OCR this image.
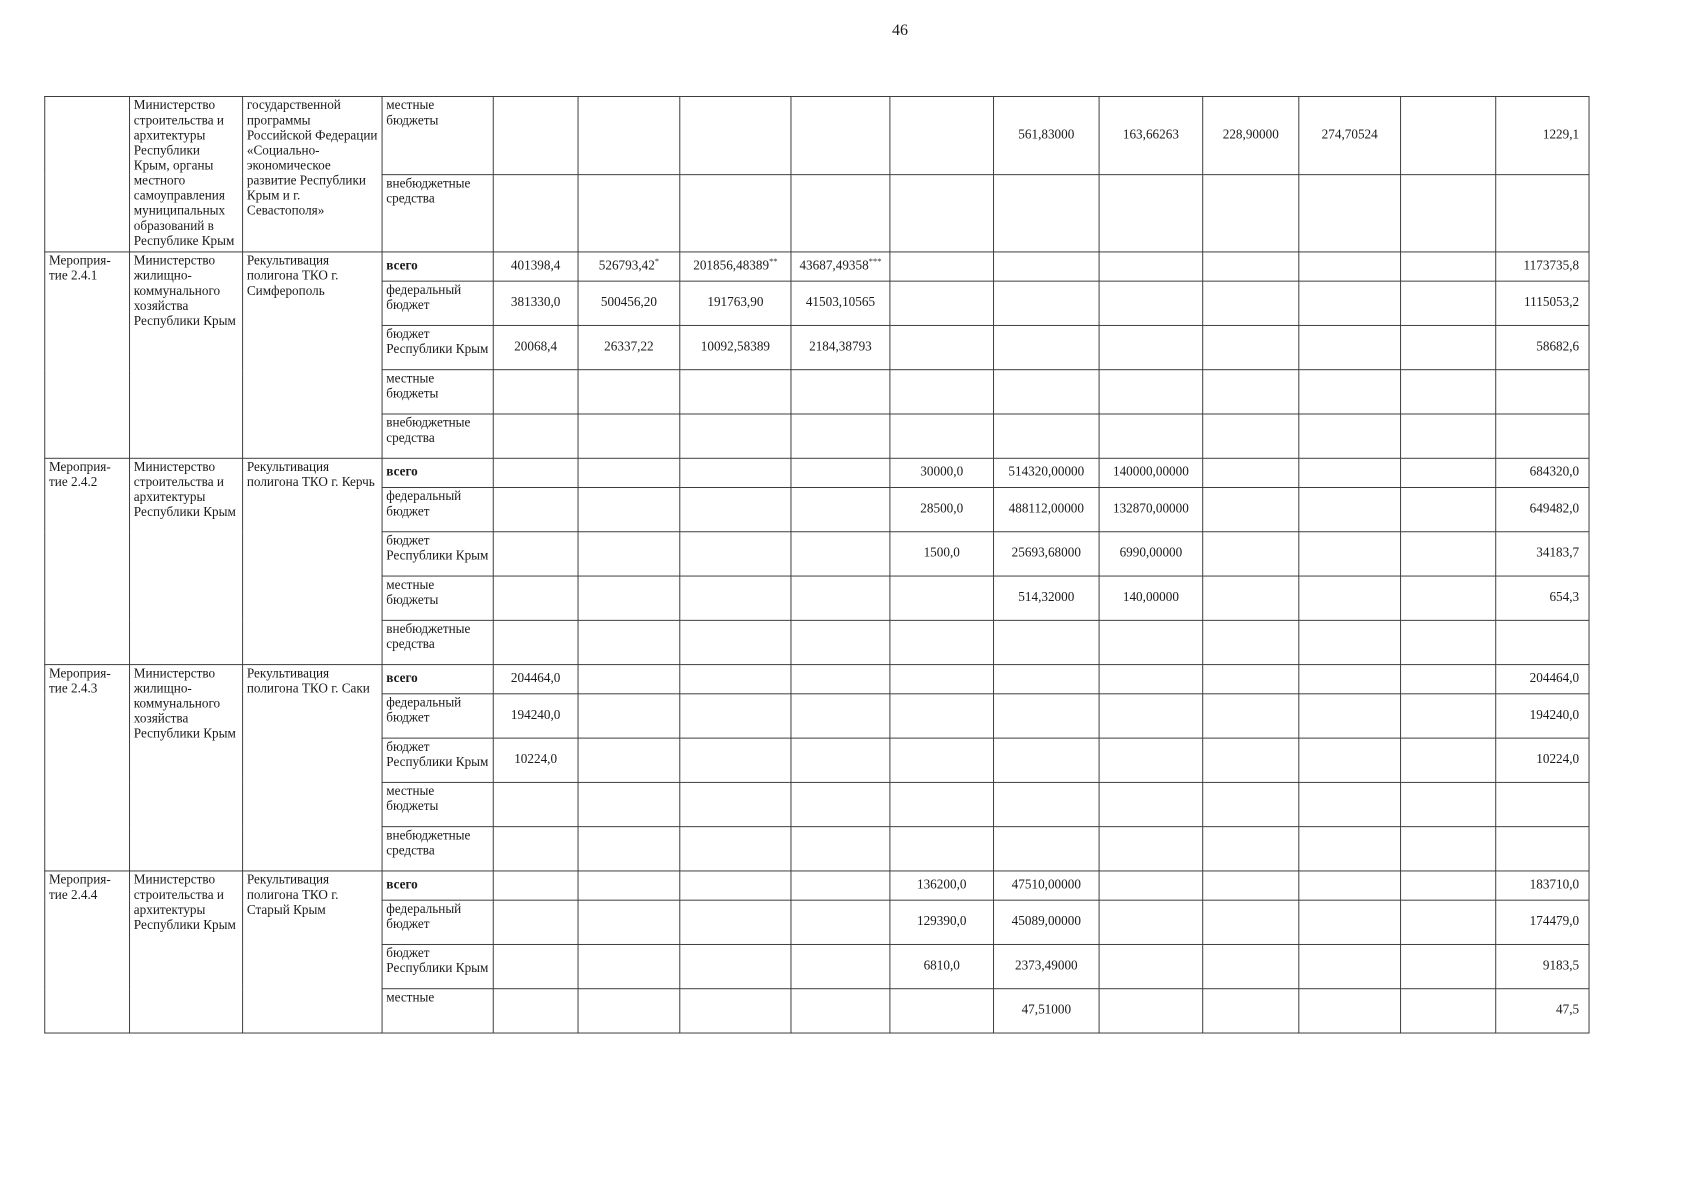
46
	Министерство строительства и архитектуры Республики Крым, органы местного самоуправления муниципальных образований в Республике Крым	государственной программы Российской Федерации «Социально-экономическое развитие Республики Крым и г. Севастополя»	местные бюджеты						561,83000	163,66263	228,90000	274,70524		1229,1
			внебюджетные средства											
Мероприя-тие 2.4.1	Министерство жилищно-коммунального хозяйства Республики Крым	Рекультивация полигона ТКО г. Симферополь	всего	401398,4	526793,42*	201856,48389**	43687,49358***							1173735,8
			федеральный бюджет	381330,0	500456,20	191763,90	41503,10565							1115053,2
			бюджет Республики Крым	20068,4	26337,22	10092,58389	2184,38793							58682,6
			местные бюджеты											
			внебюджетные средства											
Мероприя-тие 2.4.2	Министерство строительства и архитектуры Республики Крым	Рекультивация полигона ТКО г. Керчь	всего					30000,0	514320,00000	140000,00000				684320,0
			федеральный бюджет					28500,0	488112,00000	132870,00000				649482,0
			бюджет Республики Крым					1500,0	25693,68000	6990,00000				34183,7
			местные бюджеты						514,32000	140,00000				654,3
			внебюджетные средства											
Мероприя-тие 2.4.3	Министерство жилищно-коммунального хозяйства Республики Крым	Рекультивация полигона ТКО г. Саки	всего	204464,0										204464,0
			федеральный бюджет	194240,0										194240,0
			бюджет Республики Крым	10224,0										10224,0
			местные бюджеты											
			внебюджетные средства											
Мероприя-тие 2.4.4	Министерство строительства и архитектуры Республики Крым	Рекультивация полигона ТКО г. Старый Крым	всего					136200,0	47510,00000					183710,0
			федеральный бюджет					129390,0	45089,00000					174479,0
			бюджет Республики Крым					6810,0	2373,49000					9183,5
			местные						47,51000					47,5
